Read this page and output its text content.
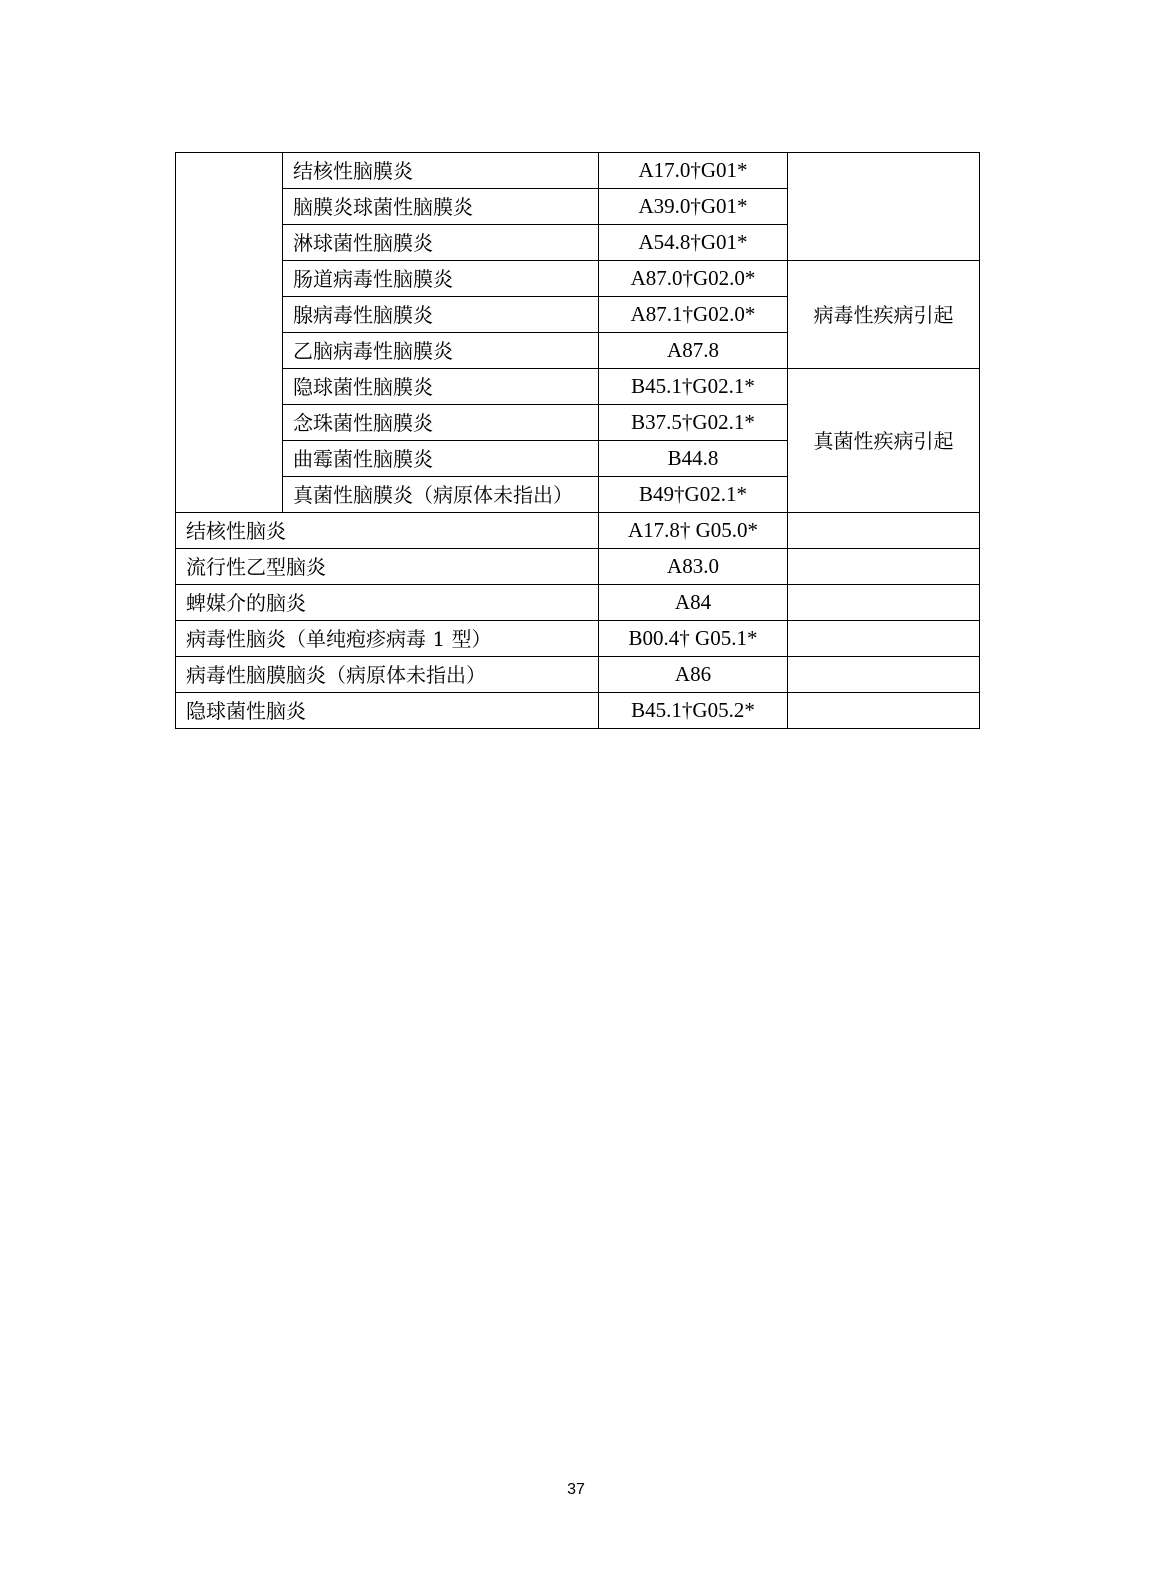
	结核性脑膜炎	A17.0†G01*	
	脑膜炎球菌性脑膜炎	A39.0†G01*	
	淋球菌性脑膜炎	A54.8†G01*	
	肠道病毒性脑膜炎	A87.0†G02.0*	病毒性疾病引起
	腺病毒性脑膜炎	A87.1†G02.0*	
	乙脑病毒性脑膜炎	A87.8	
	隐球菌性脑膜炎	B45.1†G02.1*	真菌性疾病引起
	念珠菌性脑膜炎	B37.5†G02.1*	
	曲霉菌性脑膜炎	B44.8	
	真菌性脑膜炎（病原体未指出）	B49†G02.1*	
结核性脑炎		A17.8† G05.0*	
流行性乙型脑炎		A83.0	
蜱媒介的脑炎		A84	
病毒性脑炎（单纯疱疹病毒 1 型）		B00.4† G05.1*	
病毒性脑膜脑炎（病原体未指出）		A86	
隐球菌性脑炎		B45.1†G05.2*	
37
